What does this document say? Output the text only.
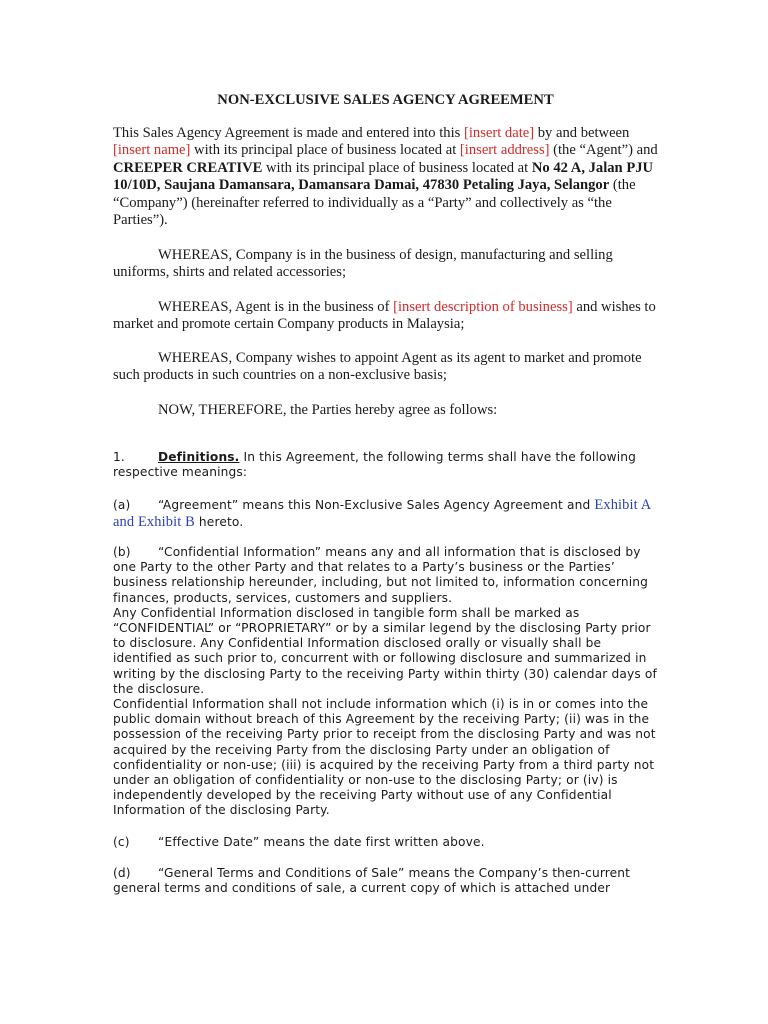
NON-EXCLUSIVE SALES AGENCY AGREEMENT

This Sales Agency Agreement is made and entered into this [insert date] by and between [insert name] with its principal place of business located at [insert address] (the “Agent”) and CREEPER CREATIVE with its principal place of business located at No 42 A, Jalan PJU 10/10D, Saujana Damansara, Damansara Damai, 47830 Petaling Jaya, Selangor (the “Company”) (hereinafter referred to individually as a “Party” and collectively as “the Parties”).

WHEREAS, Company is in the business of design, manufacturing and selling uniforms, shirts and related accessories;

WHEREAS, Agent is in the business of [insert description of business] and wishes to market and promote certain Company products in Malaysia;

WHEREAS, Company wishes to appoint Agent as its agent to market and promote such products in such countries on a non-exclusive basis;

NOW, THEREFORE, the Parties hereby agree as follows:

1.	Definitions. In this Agreement, the following terms shall have the following respective meanings:

(a) “Agreement” means this Non-Exclusive Sales Agency Agreement and Exhibit A and Exhibit B hereto.

(b) “Confidential Information” means any and all information that is disclosed by one Party to the other Party and that relates to a Party’s business or the Parties’ business relationship hereunder, including, but not limited to, information concerning finances, products, services, customers and suppliers.
Any Confidential Information disclosed in tangible form shall be marked as “CONFIDENTIAL” or “PROPRIETARY” or by a similar legend by the disclosing Party prior to disclosure. Any Confidential Information disclosed orally or visually shall be identified as such prior to, concurrent with or following disclosure and summarized in writing by the disclosing Party to the receiving Party within thirty (30) calendar days of the disclosure.
Confidential Information shall not include information which (i) is in or comes into the public domain without breach of this Agreement by the receiving Party; (ii) was in the possession of the receiving Party prior to receipt from the disclosing Party and was not acquired by the receiving Party from the disclosing Party under an obligation of confidentiality or non-use; (iii) is acquired by the receiving Party from a third party not under an obligation of confidentiality or non-use to the disclosing Party; or (iv) is independently developed by the receiving Party without use of any Confidential Information of the disclosing Party.

(c) “Effective Date” means the date first written above.

(d) “General Terms and Conditions of Sale” means the Company’s then-current general terms and conditions of sale, a current copy of which is attached under
